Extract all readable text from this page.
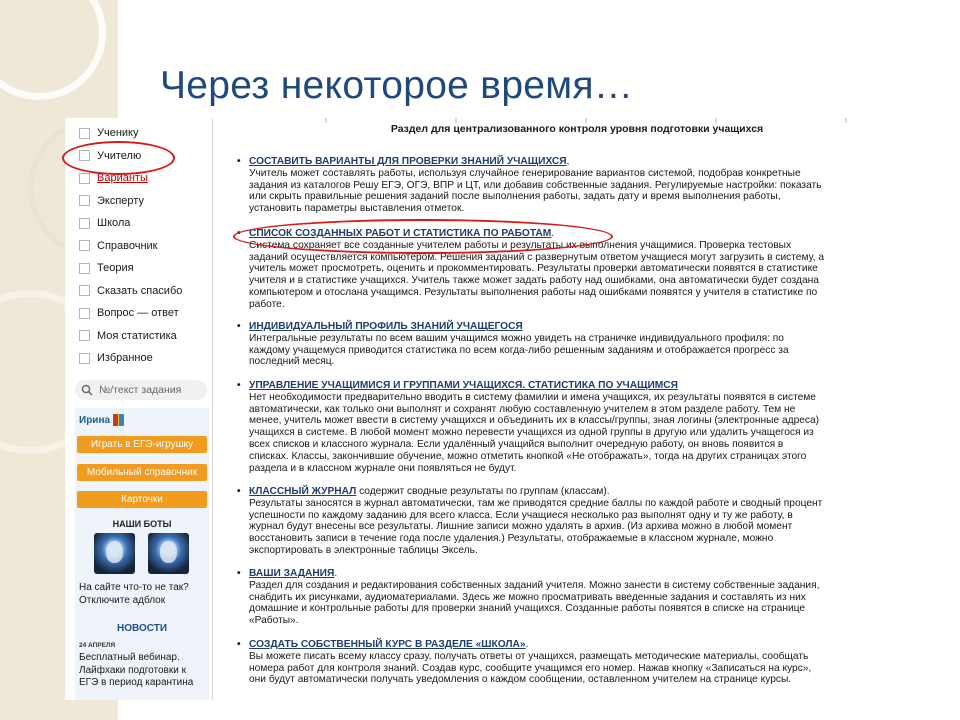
Через некоторое время…
Ученику
Учителю
Варианты
Эксперту
Школа
Справочник
Теория
Сказать спасибо
Вопрос — ответ
Моя статистика
Избранное
№/текст задания
Ирина
Играть в ЕГЭ-игрушку
Мобильный справочник
Карточки
НАШИ БОТЫ
На сайте что-то не так? Отключите адблок
НОВОСТИ
24 АПРЕЛЯ
Бесплатный вебинар. Лайфхаки подготовки к ЕГЭ в период карантина
Раздел для централизованного контроля уровня подготовки учащихся
• СОСТАВИТЬ ВАРИАНТЫ ДЛЯ ПРОВЕРКИ ЗНАНИЙ УЧАЩИХСЯ,
Учитель может составлять работы, используя случайное генерирование вариантов системой, подобрав конкретные
задания из каталогов Решу ЕГЭ, ОГЭ, ВПР и ЦТ, или добавив собственные задания. Регулируемые настройки: показать
или скрыть правильные решения заданий после выполнения работы, задать дату и время выполнения работы,
установить параметры выставления отметок.
• СПИСОК СОЗДАННЫХ РАБОТ И СТАТИСТИКА ПО РАБОТАМ.
Система сохраняет все созданные учителем работы и результаты их выполнения учащимися. Проверка тестовых
заданий осуществляется компьютером. Решения заданий с развернутым ответом учащиеся могут загрузить в систему, а
учитель может просмотреть, оценить и прокомментировать. Результаты проверки автоматически появятся в статистике
учителя и в статистике учащихся. Учитель также может задать работу над ошибками, она автоматически будет создана
компьютером и отослана учащимся. Результаты выполнения работы над ошибками появятся у учителя в статистике по
работе.
• ИНДИВИДУАЛЬНЫЙ ПРОФИЛЬ ЗНАНИЙ УЧАЩЕГОСЯ
Интегральные результаты по всем вашим учащимся можно увидеть на страничке индивидуального профиля: по
каждому учащемуся приводится статистика по всем когда-либо решенным заданиям и отображается прогресс за
последний месяц.
• УПРАВЛЕНИЕ УЧАЩИМИСЯ И ГРУППАМИ УЧАЩИХСЯ. СТАТИСТИКА ПО УЧАЩИМСЯ
Нет необходимости предварительно вводить в систему фамилии и имена учащихся, их результаты появятся в системе
автоматически, как только они выполнят и сохранят любую составленную учителем в этом разделе работу. Тем не
менее, учитель может ввести в систему учащихся и объединить их в классы/группы, зная логины (электронные адреса)
учащихся в системе. В любой момент можно перевести учащихся из одной группы в другую или удалить учащегося из
всех списков и классного журнала. Если удалённый учащийся выполнит очередную работу, он вновь появится в
списках. Классы, закончившие обучение, можно отметить кнопкой «Не отображать», тогда на других страницах этого
раздела и в классном журнале они появляться не будут.
• КЛАССНЫЙ ЖУРНАЛ содержит сводные результаты по группам (классам).
Результаты заносятся в журнал автоматически, там же приводятся средние баллы по каждой работе и сводный процент
успешности по каждому заданию для всего класса. Если учащиеся несколько раз выполнят одну и ту же работу, в
журнал будут внесены все результаты. Лишние записи можно удалять в архив. (Из архива можно в любой момент
восстановить записи в течение года после удаления.) Результаты, отображаемые в классном журнале, можно
экспортировать в электронные таблицы Эксель.
• ВАШИ ЗАДАНИЯ.
Раздел для создания и редактирования собственных заданий учителя. Можно занести в систему собственные задания,
снабдить их рисунками, аудиоматериалами. Здесь же можно просматривать введенные задания и составлять из них
домашние и контрольные работы для проверки знаний учащихся. Созданные работы появятся в списке на странице
«Работы».
• СОЗДАТЬ СОБСТВЕННЫЙ КУРС В РАЗДЕЛЕ «ШКОЛА».
Вы можете писать всему классу сразу, получать ответы от учащихся, размещать методические материалы, сообщать
номера работ для контроля знаний. Создав курс, сообщите учащимся его номер. Нажав кнопку «Записаться на курс»,
они будут автоматически получать уведомления о каждом сообщении, оставленном учителем на странице курсы.
